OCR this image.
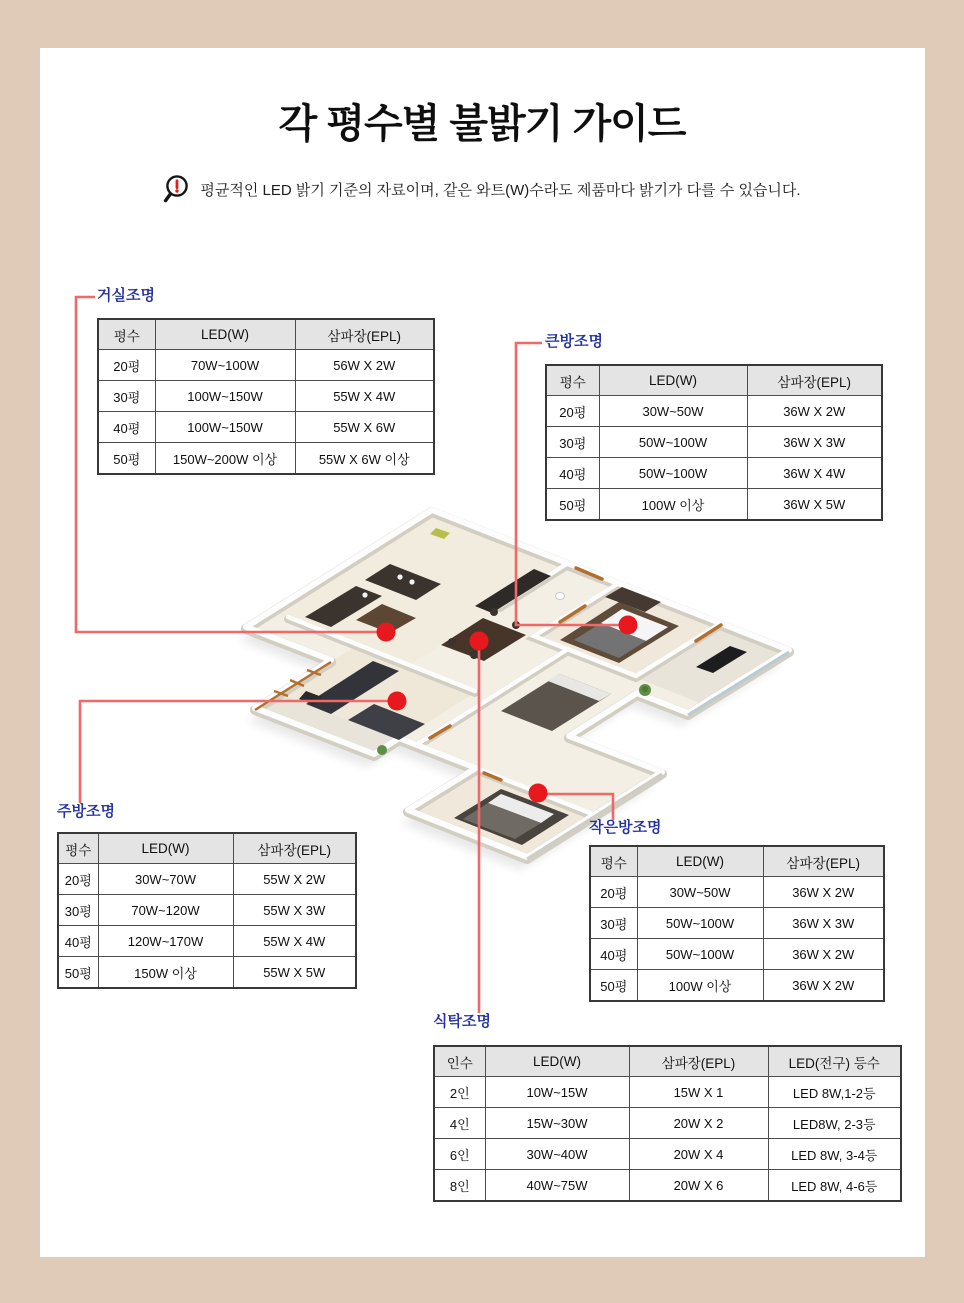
각 평수별 불밝기 가이드
평균적인 LED 밝기 기준의 자료이며, 같은 와트(W)수라도 제품마다 밝기가 다를 수 있습니다.
거실조명
평수	LED(W)	삼파장(EPL)
20평	70W~100W	56W X 2W
30평	100W~150W	55W X 4W
40평	100W~150W	55W X 6W
50평	150W~200W 이상	55W X 6W 이상
큰방조명
평수	LED(W)	삼파장(EPL)
20평	30W~50W	36W X 2W
30평	50W~100W	36W X 3W
40평	50W~100W	36W X 4W
50평	100W 이상	36W X 5W
주방조명
평수	LED(W)	삼파장(EPL)
20평	30W~70W	55W X 2W
30평	70W~120W	55W X 3W
40평	120W~170W	55W X 4W
50평	150W 이상	55W X 5W
작은방조명
평수	LED(W)	삼파장(EPL)
20평	30W~50W	36W X 2W
30평	50W~100W	36W X 3W
40평	50W~100W	36W X 2W
50평	100W 이상	36W X 2W
식탁조명
인수	LED(W)	삼파장(EPL)	LED(전구) 등수
2인	10W~15W	15W X 1	LED 8W,1-2등
4인	15W~30W	20W X 2	LED8W, 2-3등
6인	30W~40W	20W X 4	LED 8W, 3-4등
8인	40W~75W	20W X 6	LED 8W, 4-6등
